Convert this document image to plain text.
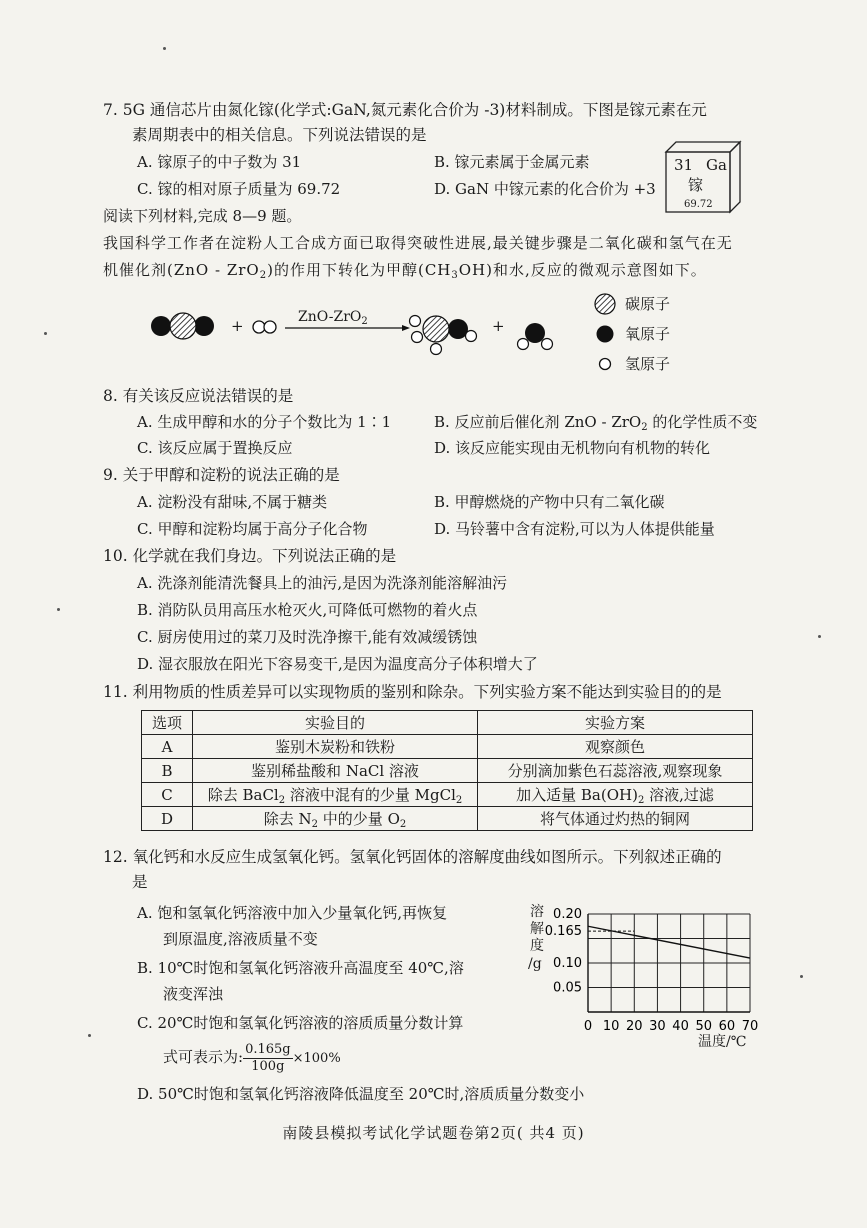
7. 5G 通信芯片由氮化镓(化学式:GaN,氮元素化合价为 -3)材料制成。下图是镓元素在元
素周期表中的相关信息。下列说法错误的是
A. 镓原子的中子数为 31	B. 镓元素属于金属元素
C. 镓的相对原子质量为 69.72	D. GaN 中镓元素的化合价为 +3
31 Ga
镓
69.72
阅读下列材料,完成 8—9 题。
我国科学工作者在淀粉人工合成方面已取得突破性进展,最关键步骤是二氧化碳和氢气在无
机催化剂(ZnO - ZrO$_2$)的作用下转化为甲醇$(CH_3OH)$和水,反应的微观示意图如下。
+	+
ZnO-ZrO$_2$
碳原子
氧原子
氢原子
8. 有关该反应说法错误的是
A. 生成甲醇和水的分子个数比为 1∶1	B. 反应前后催化剂 ZnO - ZrO$_2$ 的化学性质不变
C. 该反应属于置换反应	D. 该反应能实现由无机物向有机物的转化
9. 关于甲醇和淀粉的说法正确的是
A. 淀粉没有甜味,不属于糖类	B. 甲醇燃烧的产物中只有二氧化碳
C. 甲醇和淀粉均属于高分子化合物	D. 马铃薯中含有淀粉,可以为人体提供能量
10. 化学就在我们身边。下列说法正确的是
A. 洗涤剂能清洗餐具上的油污,是因为洗涤剂能溶解油污
B. 消防队员用高压水枪灭火,可降低可燃物的着火点
C. 厨房使用过的菜刀及时洗净擦干,能有效减缓锈蚀
D. 湿衣服放在阳光下容易变干,是因为温度高分子体积增大了
11. 利用物质的性质差异可以实现物质的鉴别和除杂。下列实验方案不能达到实验目的的是
选项	实验目的	实验方案
A	鉴别木炭粉和铁粉	观察颜色
B	鉴别稀盐酸和 NaCl 溶液	分别滴加紫色石蕊溶液,观察现象
C	除去 BaCl$_2$ 溶液中混有的少量 MgCl$_2$	加入适量 $Ba(OH)_2$ 溶液,过滤
D	除去 $N_2$ 中的少量 $O_2$	将气体通过灼热的铜网
12. 氧化钙和水反应生成氢氧化钙。氢氧化钙固体的溶解度曲线如图所示。下列叙述正确的
是
A. 饱和氢氧化钙溶液中加入少量氧化钙,再恢复
到原温度,溶液质量不变
B. 10℃时饱和氢氧化钙溶液升高温度至 40℃,溶
液变浑浊
C. 20℃时饱和氢氧化钙溶液的溶质质量分数计算
式可表示为: $\frac{0.165g}{100g} \times 100\%$
D. 50℃时饱和氢氧化钙溶液降低温度至 20℃时,溶质质量分数变小
0 10 20 30 40 50 60 70
0.20
0.165
0.10
0.05
溶
解
度
/g
温度/℃
南陵县模拟考试化学试题卷第2页( 共4 页)
